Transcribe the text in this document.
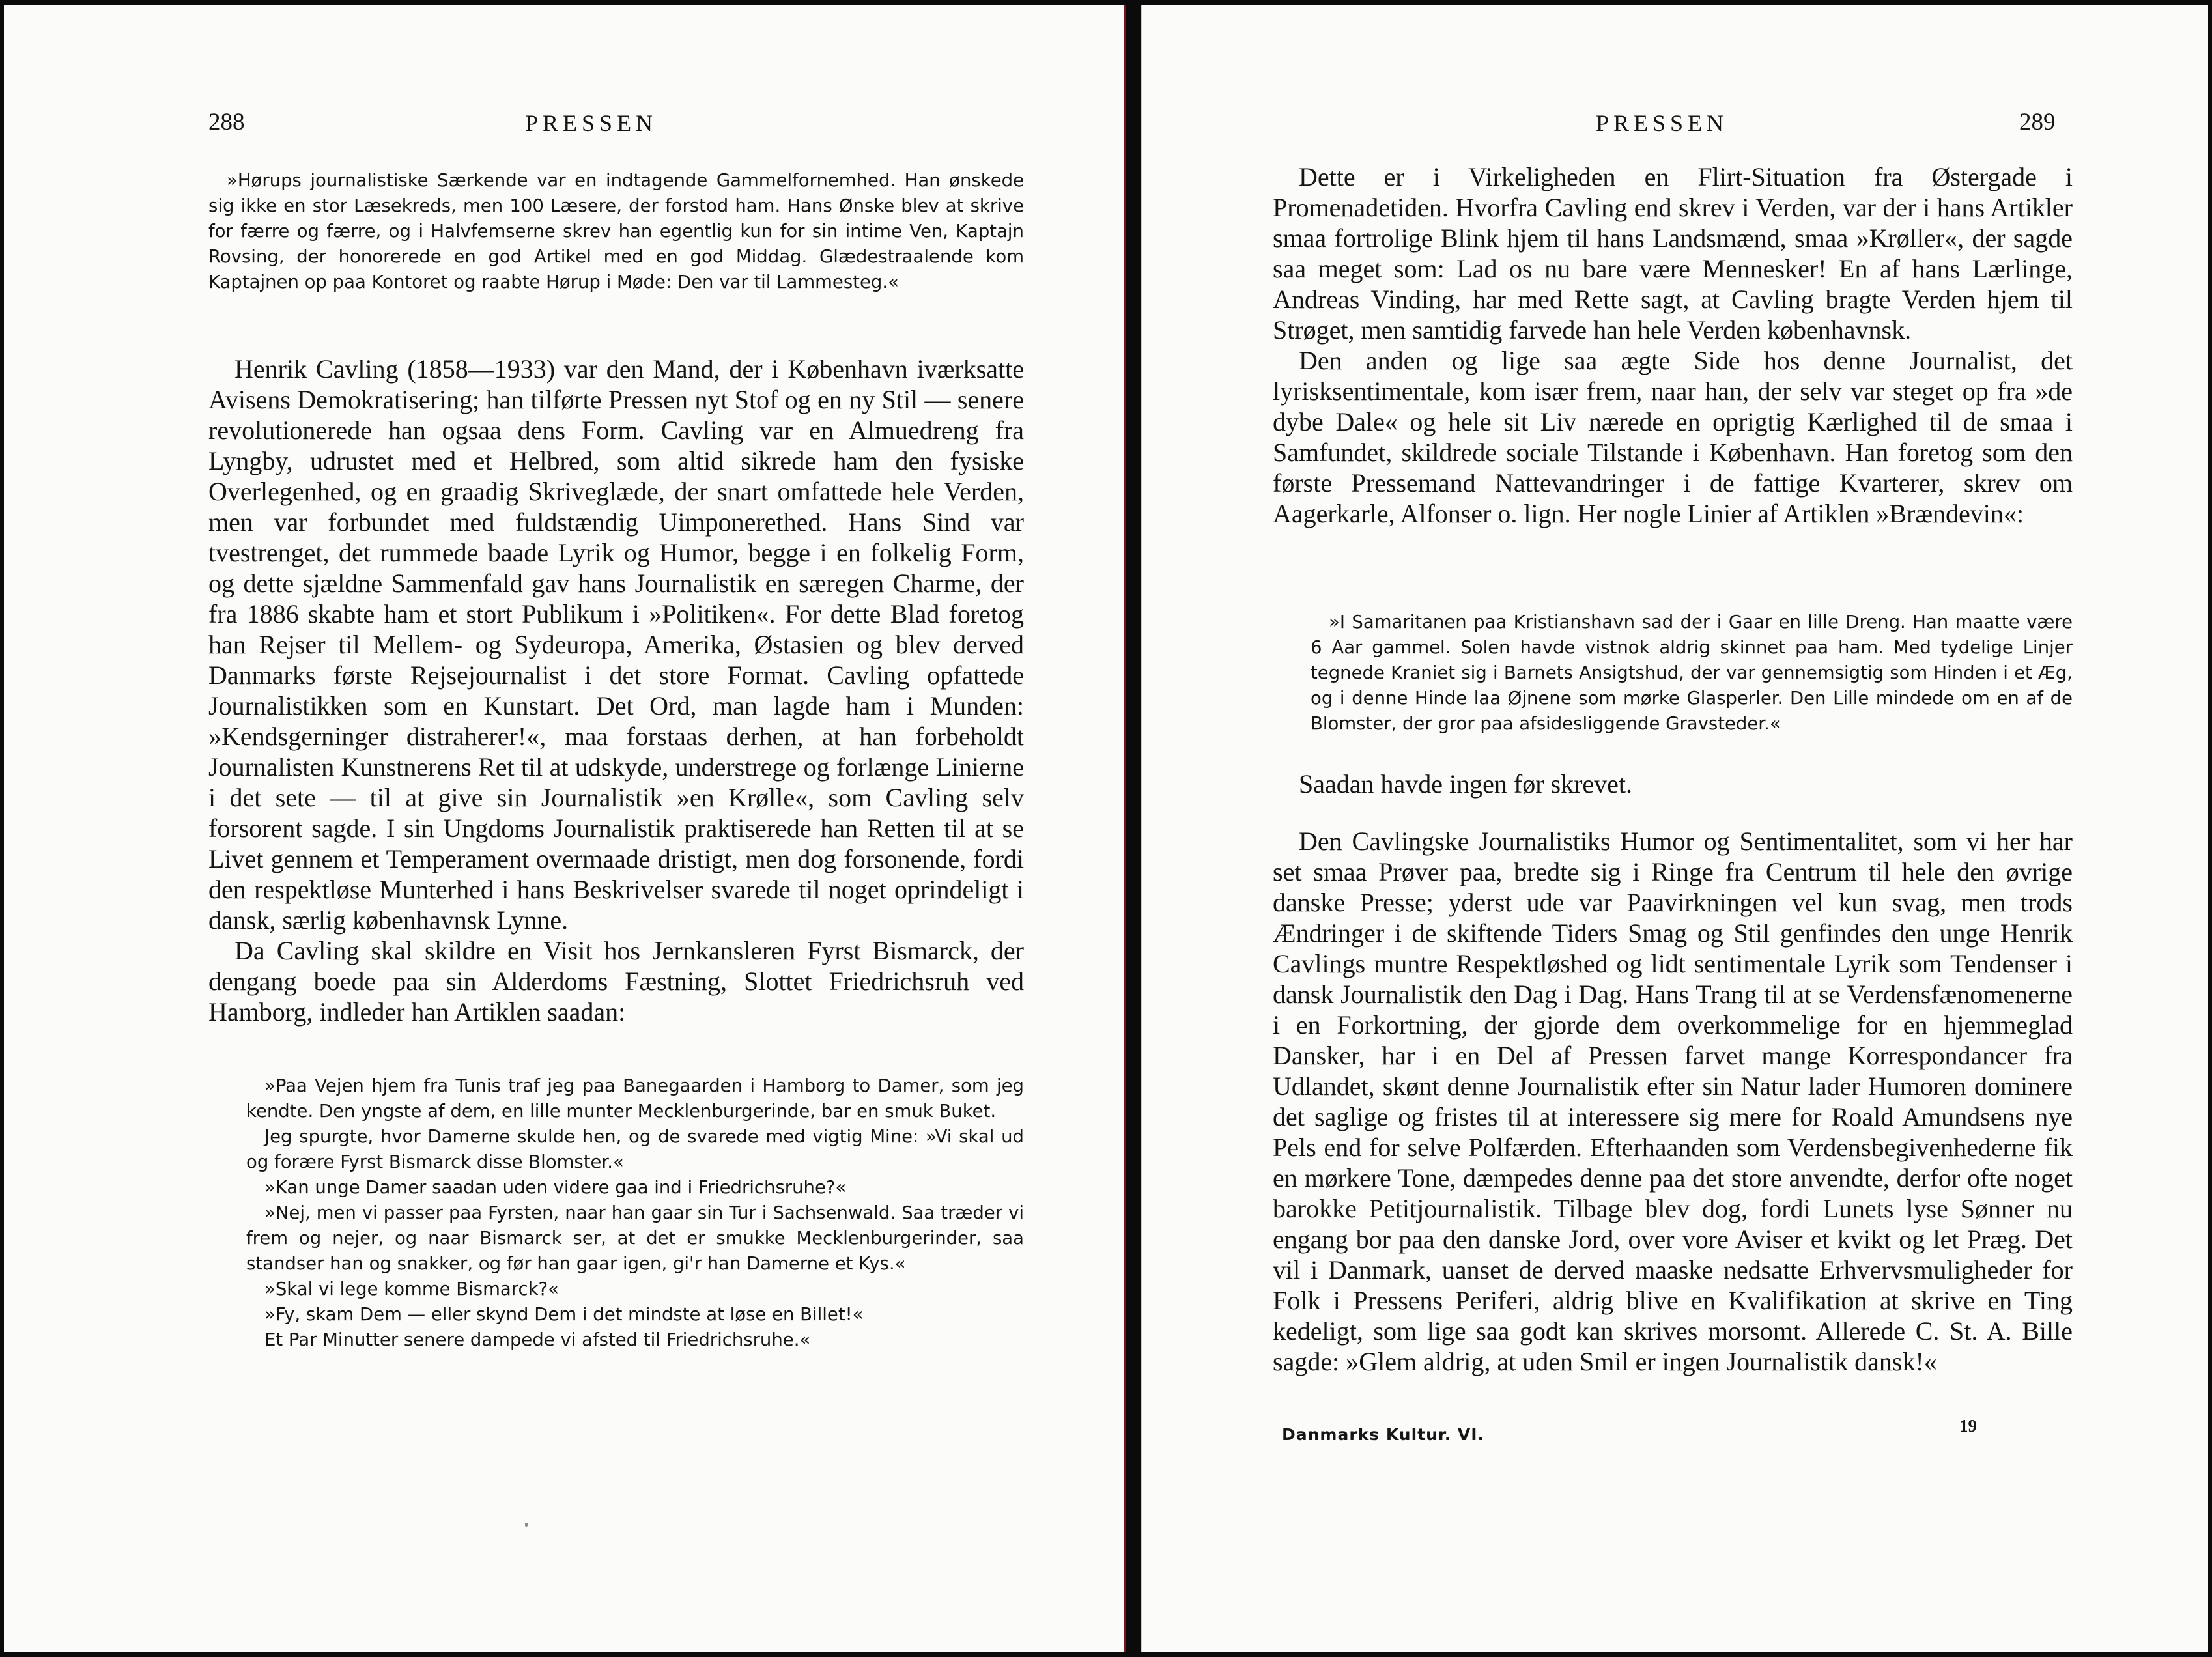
288	PRESSEN

»Hørups journalistiske Særkende var en indtagende Gammelfornemhed. Han ønskede sig ikke en stor Læsekreds, men 100 Læsere, der forstod ham. Hans Ønske blev at skrive for færre og færre, og i Halvfemserne skrev han egentlig kun for sin intime Ven, Kaptajn Rovsing, der honorerede en god Artikel med en god Middag. Glædestraalende kom Kaptajnen op paa Kontoret og raabte Hørup i Møde: Den var til Lammesteg.«

Henrik Cavling (1858—1933) var den Mand, der i København iværksatte Avisens Demokratisering; han tilførte Pressen nyt Stof og en ny Stil — senere revolutionerede han ogsaa dens Form. Cavling var en Almuedreng fra Lyngby, udrustet med et Helbred, som altid sikrede ham den fysiske Overlegenhed, og en graadig Skriveglæde, der snart omfattede hele Verden, men var forbundet med fuldstændig Uimponerethed. Hans Sind var tvestrenget, det rummede baade Lyrik og Humor, begge i en folkelig Form, og dette sjældne Sammenfald gav hans Journalistik en særegen Charme, der fra 1886 skabte ham et stort Publikum i »Politiken«. For dette Blad foretog han Rejser til Mellem- og Sydeuropa, Amerika, Østasien og blev derved Danmarks første Rejsejournalist i det store Format. Cavling opfattede Journalistikken som en Kunstart. Det Ord, man lagde ham i Munden: »Kendsgerninger distraherer!«, maa forstaas derhen, at han forbeholdt Journalisten Kunstnerens Ret til at udskyde, understrege og forlænge Linierne i det sete — til at give sin Journalistik »en Krølle«, som Cavling selv forsorent sagde. I sin Ungdoms Journalistik praktiserede han Retten til at se Livet gennem et Temperament overmaade dristigt, men dog forsonende, fordi den respektløse Munterhed i hans Beskrivelser svarede til noget oprindeligt i dansk, særlig københavnsk Lynne.

Da Cavling skal skildre en Visit hos Jernkansleren Fyrst Bismarck, der dengang boede paa sin Alderdoms Fæstning, Slottet Friedrichsruh ved Hamborg, indleder han Artiklen saadan:

»Paa Vejen hjem fra Tunis traf jeg paa Banegaarden i Hamborg to Damer, som jeg kendte. Den yngste af dem, en lille munter Mecklenburgerinde, bar en smuk Buket.

Jeg spurgte, hvor Damerne skulde hen, og de svarede med vigtig Mine: »Vi skal ud og forære Fyrst Bismarck disse Blomster.«

»Kan unge Damer saadan uden videre gaa ind i Friedrichsruhe?«

»Nej, men vi passer paa Fyrsten, naar han gaar sin Tur i Sachsenwald. Saa træder vi frem og nejer, og naar Bismarck ser, at det er smukke Mecklenburgerinder, saa standser han og snakker, og før han gaar igen, gi'r han Damerne et Kys.«

»Skal vi lege komme Bismarck?«

»Fy, skam Dem — eller skynd Dem i det mindste at løse en Billet!«

Et Par Minutter senere dampede vi afsted til Friedrichsruhe.«

PRESSEN	289

Dette er i Virkeligheden en Flirt-Situation fra Østergade i Promenadetiden. Hvorfra Cavling end skrev i Verden, var der i hans Artikler smaa fortrolige Blink hjem til hans Landsmænd, smaa »Krøller«, der sagde saa meget som: Lad os nu bare være Mennesker! En af hans Lærlinge, Andreas Vinding, har med Rette sagt, at Cavling bragte Verden hjem til Strøget, men samtidig farvede han hele Verden københavnsk.

Den anden og lige saa ægte Side hos denne Journalist, det lyrisksentimentale, kom især frem, naar han, der selv var steget op fra »de dybe Dale« og hele sit Liv nærede en oprigtig Kærlighed til de smaa i Samfundet, skildrede sociale Tilstande i København. Han foretog som den første Pressemand Nattevandringer i de fattige Kvarterer, skrev om Aagerkarle, Alfonser o. lign. Her nogle Linier af Artiklen »Brændevin«:

»I Samaritanen paa Kristianshavn sad der i Gaar en lille Dreng. Han maatte være 6 Aar gammel. Solen havde vistnok aldrig skinnet paa ham. Med tydelige Linjer tegnede Kraniet sig i Barnets Ansigtshud, der var gennemsigtig som Hinden i et Æg, og i denne Hinde laa Øjnene som mørke Glasperler. Den Lille mindede om en af de Blomster, der gror paa afsidesliggende Gravsteder.«

Saadan havde ingen før skrevet.

Den Cavlingske Journalistiks Humor og Sentimentalitet, som vi her har set smaa Prøver paa, bredte sig i Ringe fra Centrum til hele den øvrige danske Presse; yderst ude var Paavirkningen vel kun svag, men trods Ændringer i de skiftende Tiders Smag og Stil genfindes den unge Henrik Cavlings muntre Respektløshed og lidt sentimentale Lyrik som Tendenser i dansk Journalistik den Dag i Dag. Hans Trang til at se Verdensfænomenerne i en Forkortning, der gjorde dem overkommelige for en hjemmeglad Dansker, har i en Del af Pressen farvet mange Korrespondancer fra Udlandet, skønt denne Journalistik efter sin Natur lader Humoren dominere det saglige og fristes til at interessere sig mere for Roald Amundsens nye Pels end for selve Polfærden. Efterhaanden som Verdensbegivenhederne fik en mørkere Tone, dæmpedes denne paa det store anvendte, derfor ofte noget barokke Petitjournalistik. Tilbage blev dog, fordi Lunets lyse Sønner nu engang bor paa den danske Jord, over vore Aviser et kvikt og let Præg. Det vil i Danmark, uanset de derved maaske nedsatte Erhvervsmuligheder for Folk i Pressens Periferi, aldrig blive en Kvalifikation at skrive en Ting kedeligt, som lige saa godt kan skrives morsomt. Allerede C. St. A. Bille sagde: »Glem aldrig, at uden Smil er ingen Journalistik dansk!«

Danmarks Kultur. VI.	19
